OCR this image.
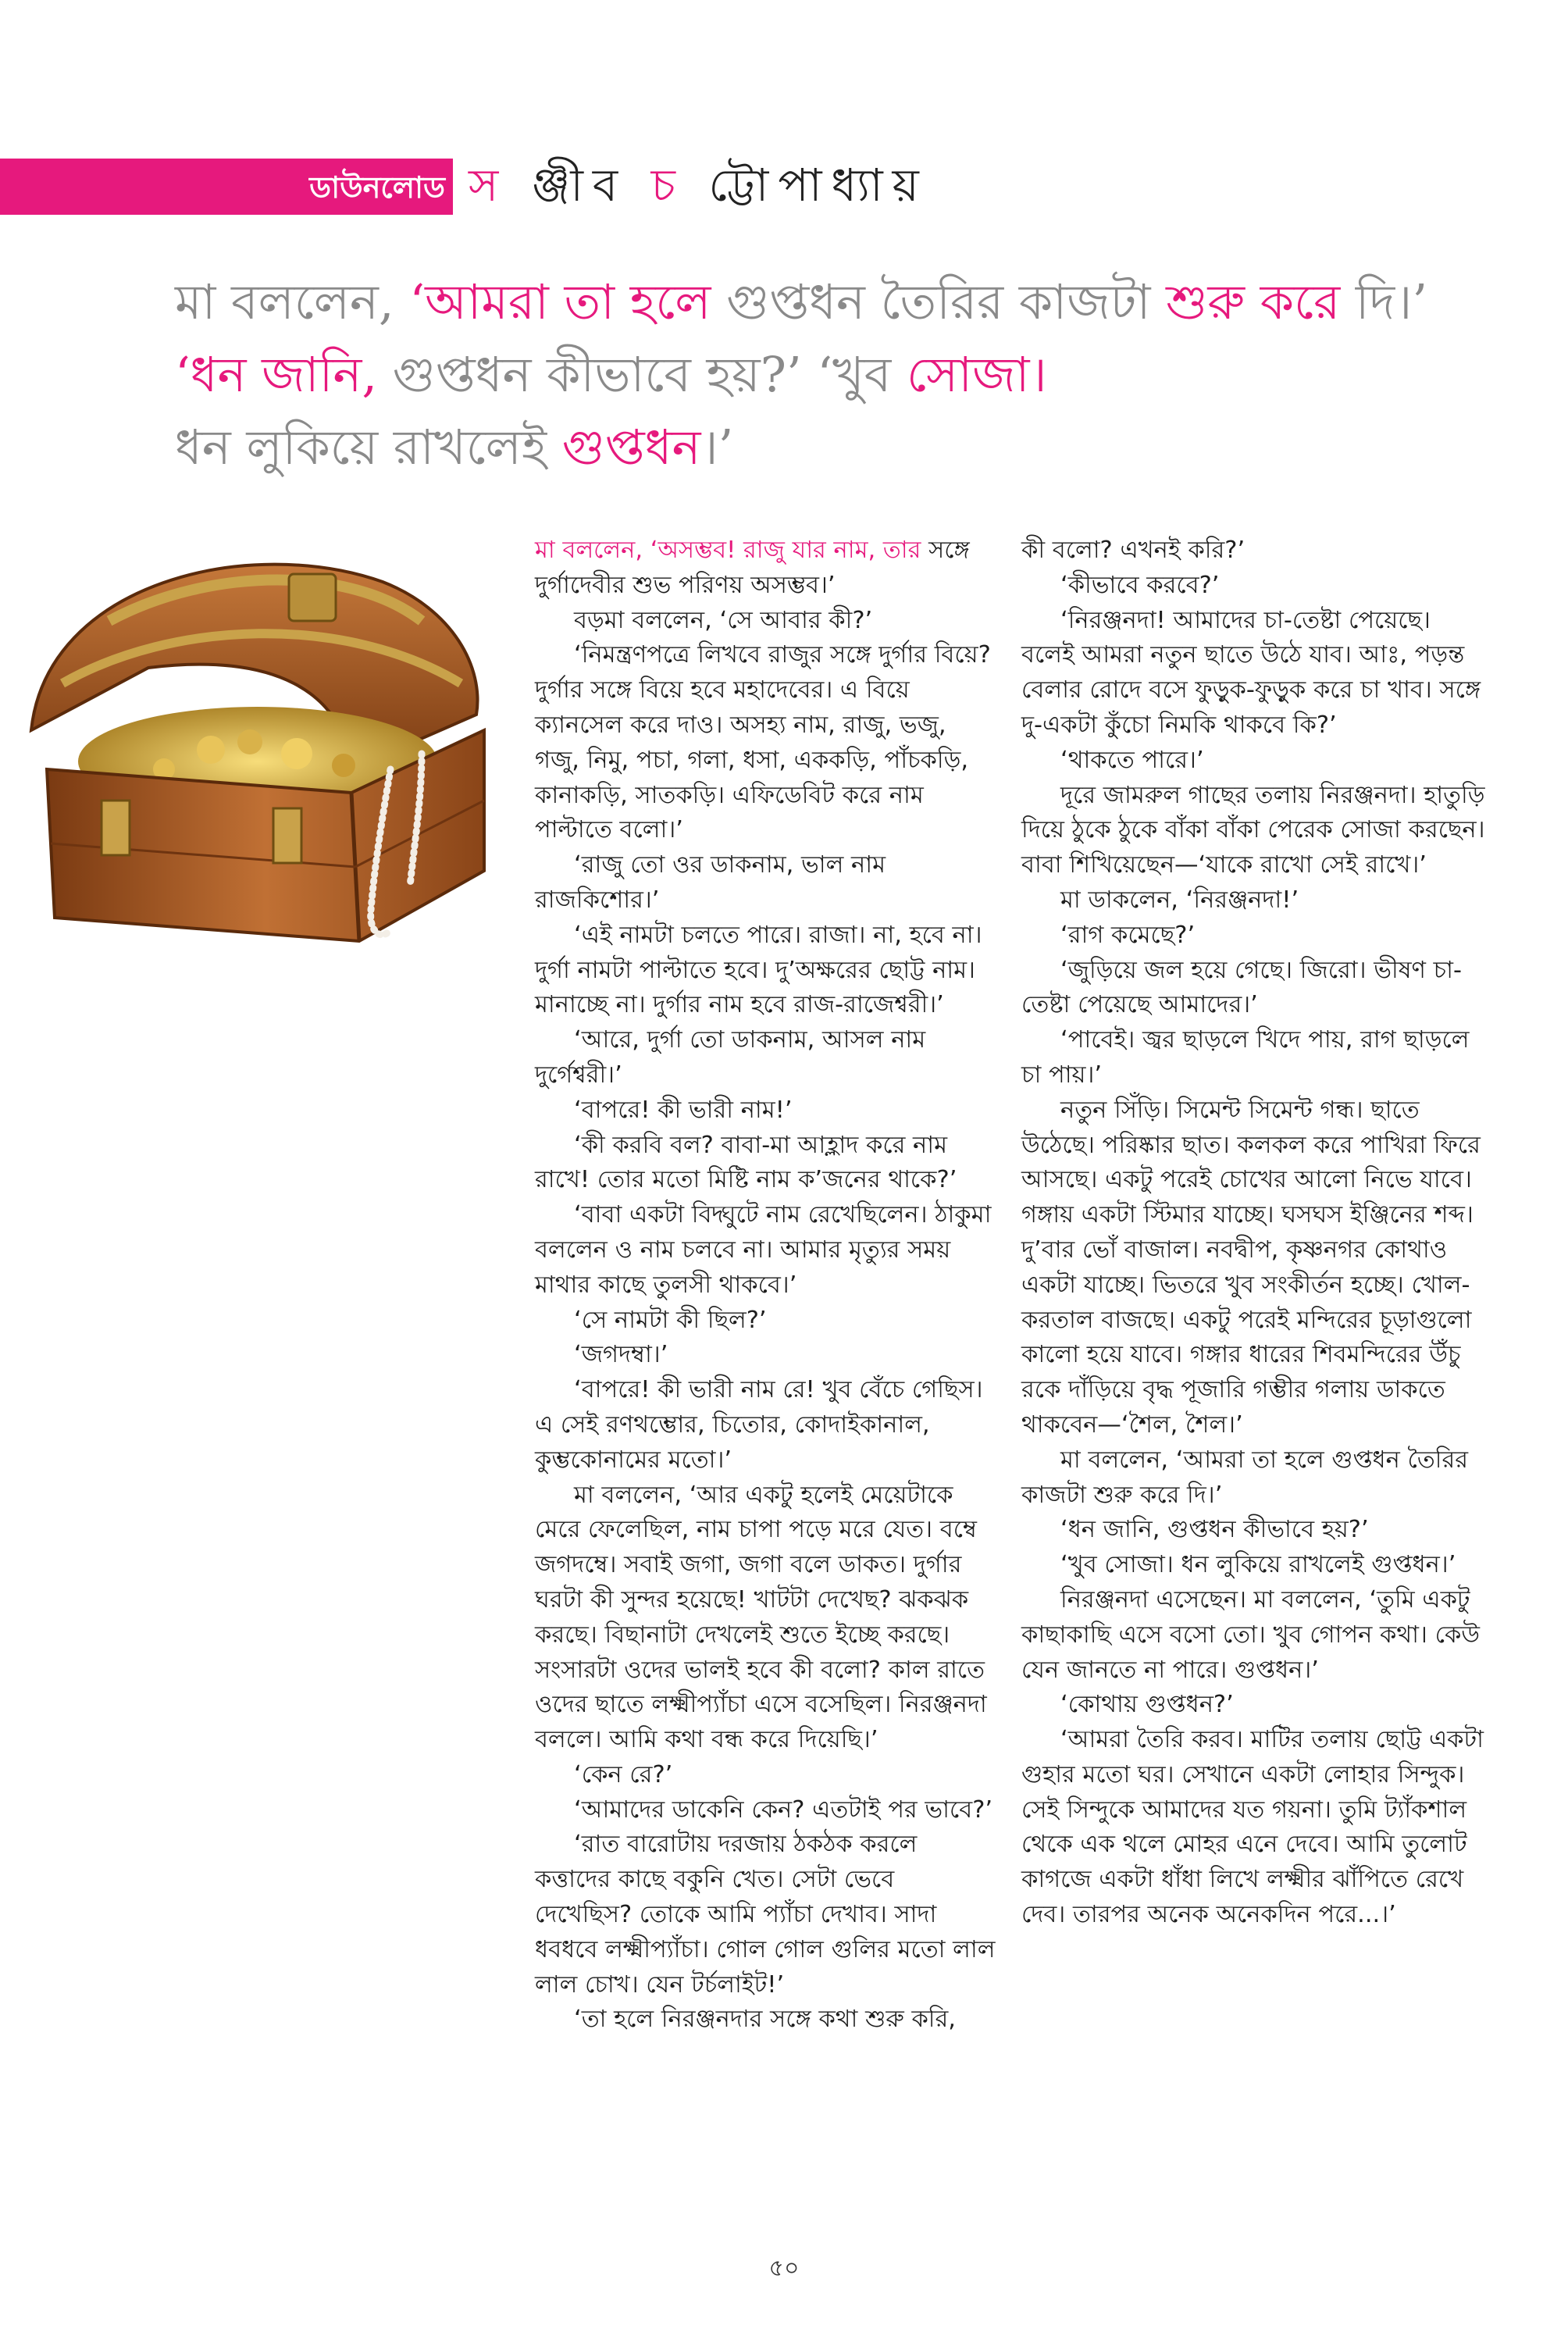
ডাউনলোড স ঞ্জীব চ ট্টোপাধ্যায়
মা বললেন, ‘আমরা তা হলে গুপ্তধন তৈরির কাজটা শুরু করে দি।’
‘ধন জানি, গুপ্তধন কীভাবে হয়?’ ‘খুব সোজা।
ধন লুকিয়ে রাখলেই গুপ্তধন।’

মা বললেন, ‘অসম্ভব! রাজু যার নাম, তার সঙ্গে দুর্গাদেবীর শুভ পরিণয় অসম্ভব।’

বড়মা বললেন, ‘সে আবার কী?’

‘নিমন্ত্রণপত্রে লিখবে রাজুর সঙ্গে দুর্গার বিয়ে? দুর্গার সঙ্গে বিয়ে হবে মহাদেবের। এ বিয়ে ক্যানসেল করে দাও। অসহ্য নাম, রাজু, ভজু, গজু, নিমু, পচা, গলা, ধসা, এককড়ি, পাঁচকড়ি, কানাকড়ি, সাতকড়ি। এফিডেবিট করে নাম পাল্টাতে বলো।’

‘রাজু তো ওর ডাকনাম, ভাল নাম রাজকিশোর।’

‘এই নামটা চলতে পারে। রাজা। না, হবে না। দুর্গা নামটা পাল্টাতে হবে। দু’অক্ষরের ছোট্ট নাম। মানাচ্ছে না। দুর্গার নাম হবে রাজ-রাজেশ্বরী।’

‘আরে, দুর্গা তো ডাকনাম, আসল নাম দুর্গেশ্বরী।’

‘বাপরে! কী ভারী নাম!’

‘কী করবি বল? বাবা-মা আহ্লাদ করে নাম রাখে! তোর মতো মিষ্টি নাম ক’জনের থাকে?’

‘বাবা একটা বিদ্ঘুটে নাম রেখেছিলেন। ঠাকুমা বললেন ও নাম চলবে না। আমার মৃত্যুর সময় মাথার কাছে তুলসী থাকবে।’

‘সে নামটা কী ছিল?’

‘জগদম্বা।’

‘বাপরে! কী ভারী নাম রে! খুব বেঁচে গেছিস। এ সেই রণথম্ভোর, চিতোর, কোদাইকানাল, কুম্ভকোনামের মতো।’

মা বললেন, ‘আর একটু হলেই মেয়েটাকে মেরে ফেলেছিল, নাম চাপা পড়ে মরে যেত। বম্বে জগদম্বে। সবাই জগা, জগা বলে ডাকত। দুর্গার ঘরটা কী সুন্দর হয়েছে! খাটটা দেখেছ? ঝকঝক করছে। বিছানাটা দেখলেই শুতে ইচ্ছে করছে। সংসারটা ওদের ভালই হবে কী বলো? কাল রাতে ওদের ছাতে লক্ষ্মীপ্যাঁচা এসে বসেছিল। নিরঞ্জনদা বললে। আমি কথা বন্ধ করে দিয়েছি।’

‘কেন রে?’

‘আমাদের ডাকেনি কেন? এতটাই পর ভাবে?’

‘রাত বারোটায় দরজায় ঠকঠক করলে কত্তাদের কাছে বকুনি খেত। সেটা ভেবে দেখেছিস? তোকে আমি প্যাঁচা দেখাব। সাদা ধবধবে লক্ষ্মীপ্যাঁচা। গোল গোল গুলির মতো লাল লাল চোখ। যেন টর্চলাইট!’

‘তা হলে নিরঞ্জনদার সঙ্গে কথা শুরু করি,

কী বলো? এখনই করি?’

‘কীভাবে করবে?’

‘নিরঞ্জনদা! আমাদের চা-তেষ্টা পেয়েছে। বলেই আমরা নতুন ছাতে উঠে যাব। আঃ, পড়ন্ত বেলার রোদে বসে ফুড়ুক-ফুড়ুক করে চা খাব। সঙ্গে দু-একটা কুঁচো নিমকি থাকবে কি?’

‘থাকতে পারে।’

দূরে জামরুল গাছের তলায় নিরঞ্জনদা। হাতুড়ি দিয়ে ঠুকে ঠুকে বাঁকা বাঁকা পেরেক সোজা করছেন। বাবা শিখিয়েছেন—‘যাকে রাখো সেই রাখে।’

মা ডাকলেন, ‘নিরঞ্জনদা!’

‘রাগ কমেছে?’

‘জুড়িয়ে জল হয়ে গেছে। জিরো। ভীষণ চা-তেষ্টা পেয়েছে আমাদের।’

‘পাবেই। জ্বর ছাড়লে খিদে পায়, রাগ ছাড়লে চা পায়।’

নতুন সিঁড়ি। সিমেন্ট সিমেন্ট গন্ধ। ছাতে উঠেছে। পরিষ্কার ছাত। কলকল করে পাখিরা ফিরে আসছে। একটু পরেই চোখের আলো নিভে যাবে। গঙ্গায় একটা স্টিমার যাচ্ছে। ঘসঘস ইঞ্জিনের শব্দ। দু’বার ভোঁ বাজাল। নবদ্বীপ, কৃষ্ণনগর কোথাও একটা যাচ্ছে। ভিতরে খুব সংকীর্তন হচ্ছে। খোল-করতাল বাজছে। একটু পরেই মন্দিরের চূড়াগুলো কালো হয়ে যাবে। গঙ্গার ধারের শিবমন্দিরের উঁচু রকে দাঁড়িয়ে বৃদ্ধ পূজারি গম্ভীর গলায় ডাকতে থাকবেন—‘শৈল, শৈল।’

মা বললেন, ‘আমরা তা হলে গুপ্তধন তৈরির কাজটা শুরু করে দি।’

‘ধন জানি, গুপ্তধন কীভাবে হয়?’

‘খুব সোজা। ধন লুকিয়ে রাখলেই গুপ্তধন।’

নিরঞ্জনদা এসেছেন। মা বললেন, ‘তুমি একটু কাছাকাছি এসে বসো তো। খুব গোপন কথা। কেউ যেন জানতে না পারে। গুপ্তধন।’

‘কোথায় গুপ্তধন?’

‘আমরা তৈরি করব। মাটির তলায় ছোট্ট একটা গুহার মতো ঘর। সেখানে একটা লোহার সিন্দুক। সেই সিন্দুকে আমাদের যত গয়না। তুমি ট্যাঁকশাল থেকে এক থলে মোহর এনে দেবে। আমি তুলোট কাগজে একটা ধাঁধা লিখে লক্ষ্মীর ঝাঁপিতে রেখে দেব। তারপর অনেক অনেকদিন পরে...।’

৫০
